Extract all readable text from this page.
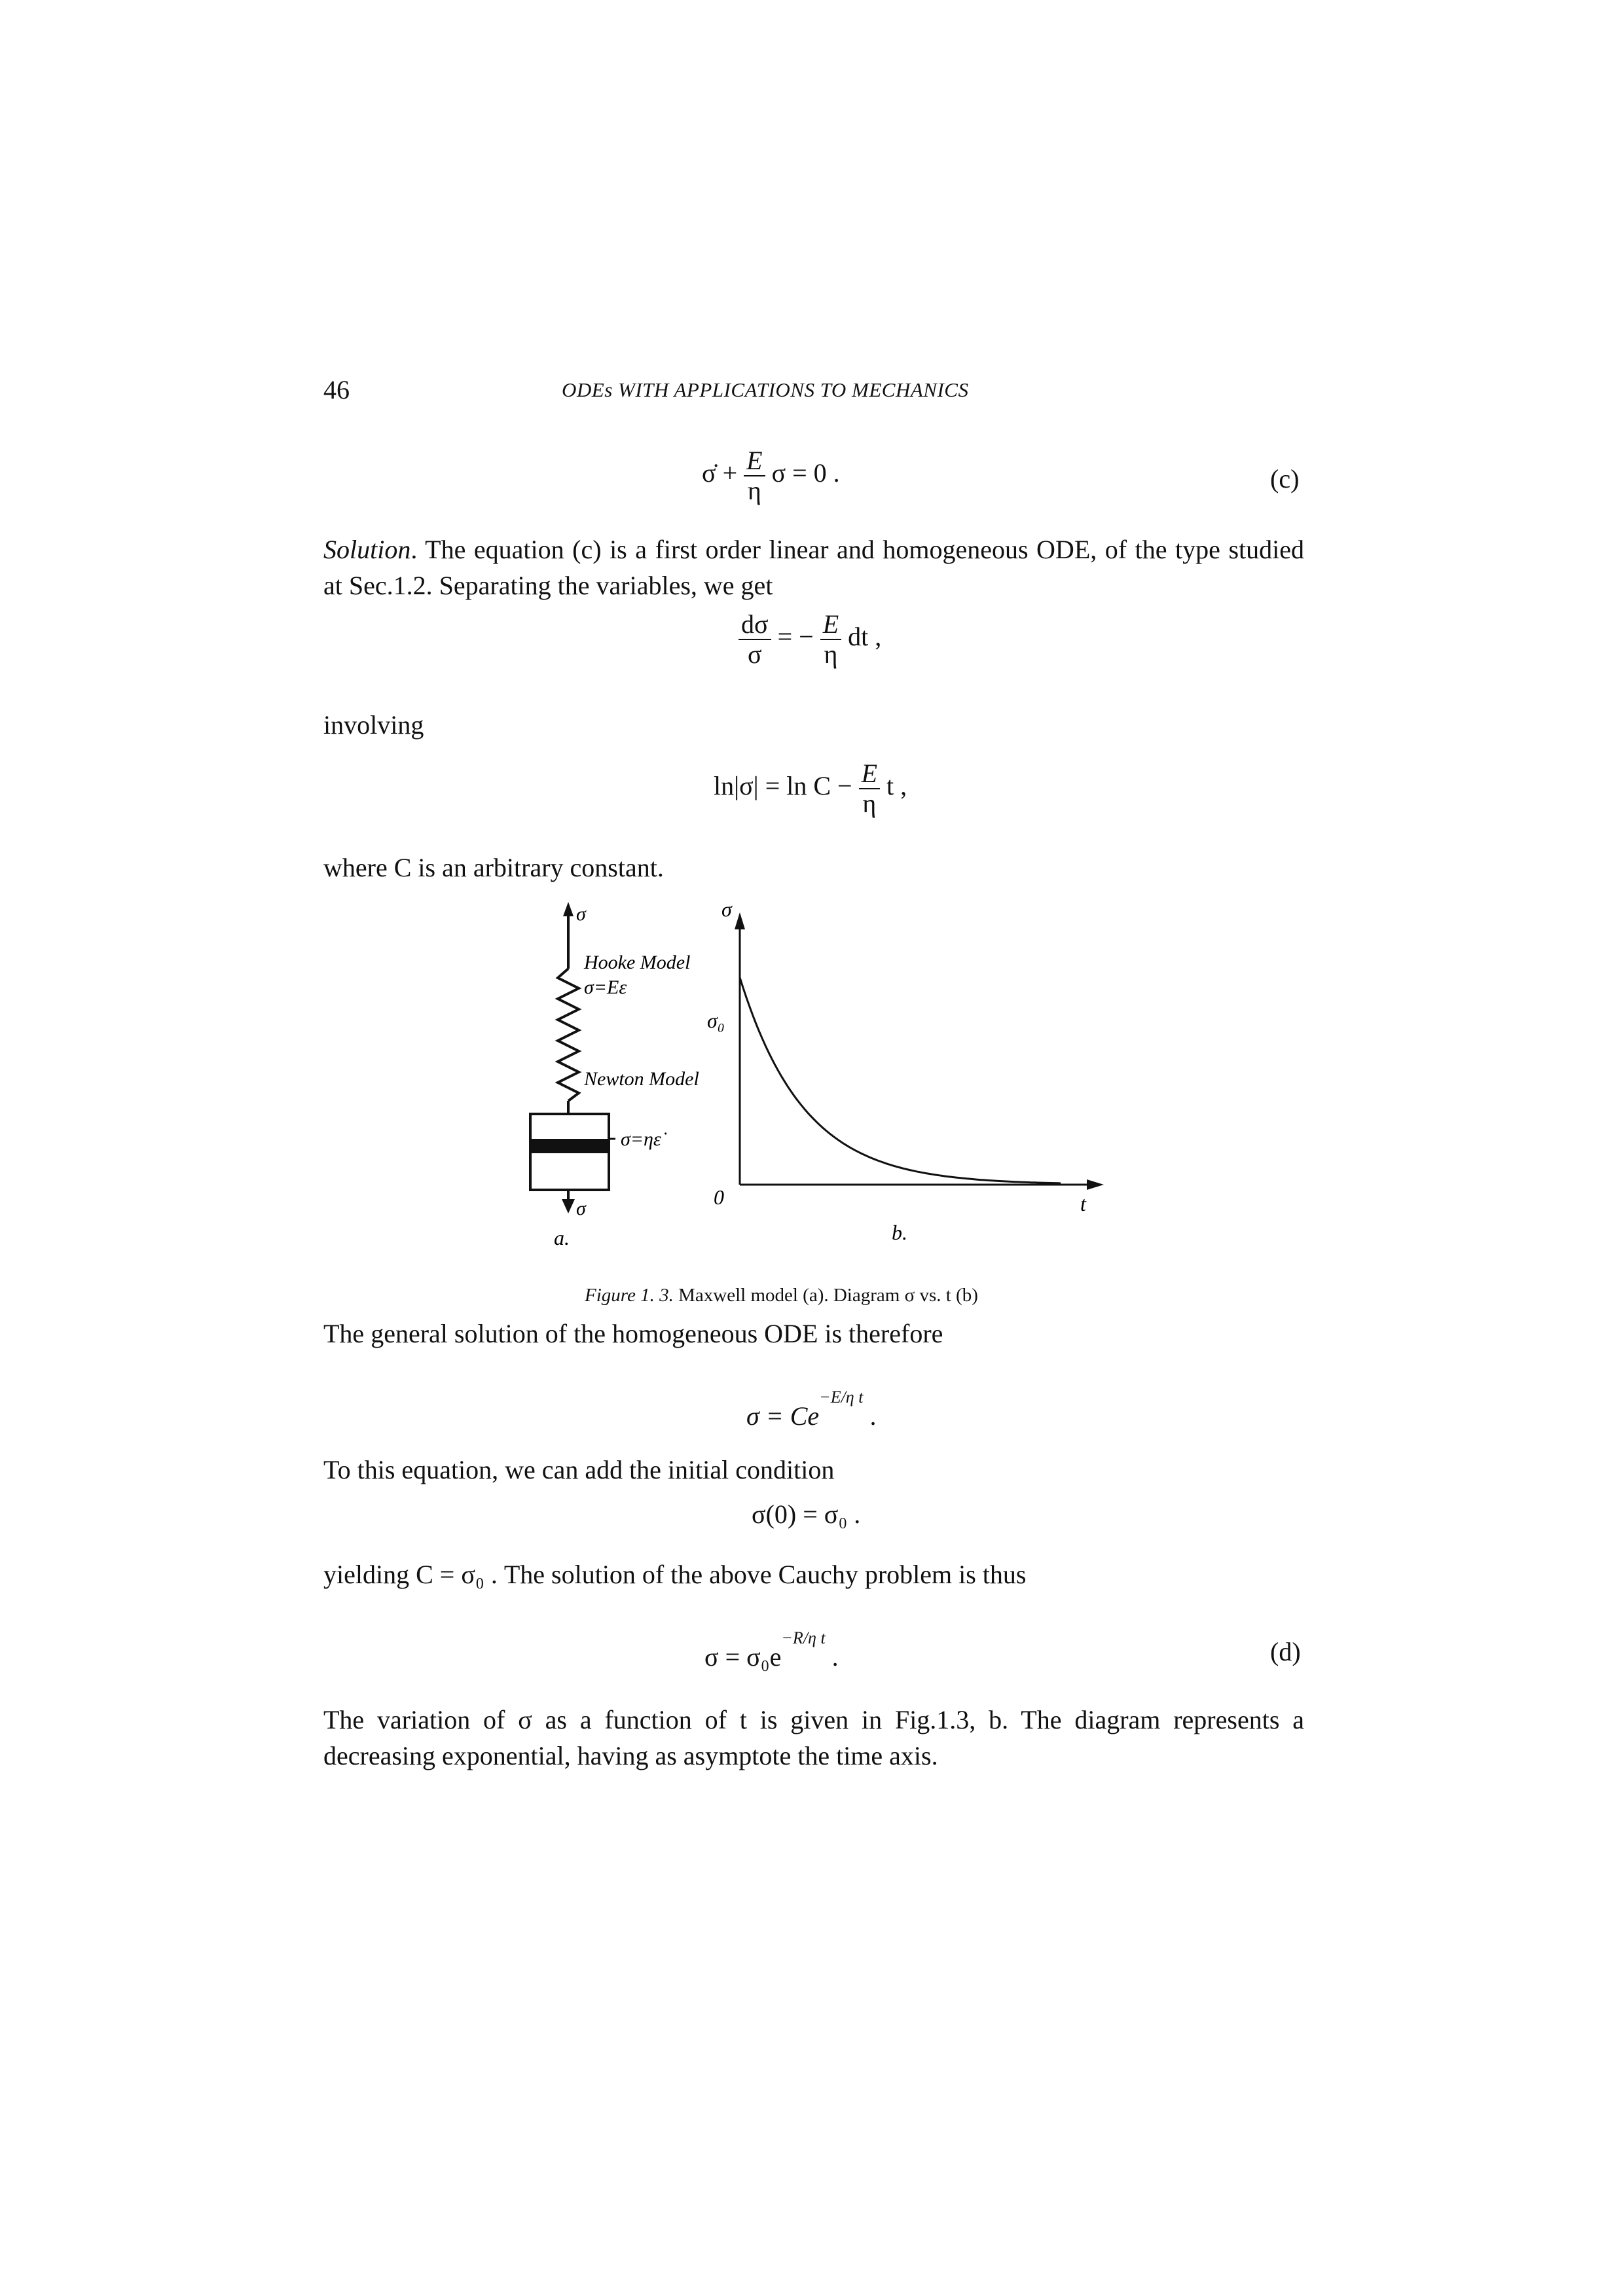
46	ODEs WITH APPLICATIONS TO MECHANICS
σ̇ + $\frac{E}{\eta}$ σ = 0 .	(c)
Solution. The equation (c) is a first order linear and homogeneous ODE, of the type studied at Sec.1.2. Separating the variables, we get
$\frac{d\sigma}{\sigma}$ = − $\frac{E}{\eta}$ dt ,
involving
$\ln|\sigma| = \ln C - \frac{E}{\eta}$ t ,
where C is an arbitrary constant.
σ
Hooke Model
σ=Eε
Newton Model
σ=ηε̇
σ
a.
σ
σ₀
0	t
b.
Figure 1. 3. Maxwell model (a). Diagram σ vs. t (b)
The general solution of the homogeneous ODE is therefore
$\sigma = Ce^{-E/\eta t}$ .
To this equation, we can add the initial condition
σ(0) = σ₀ .
yielding C = σ₀ . The solution of the above Cauchy problem is thus
$\sigma = \sigma_0e^{-R/\eta t}$ .	(d)
The variation of σ as a function of t is given in Fig.1.3, b. The diagram represents a decreasing exponential, having as asymptote the time axis.
